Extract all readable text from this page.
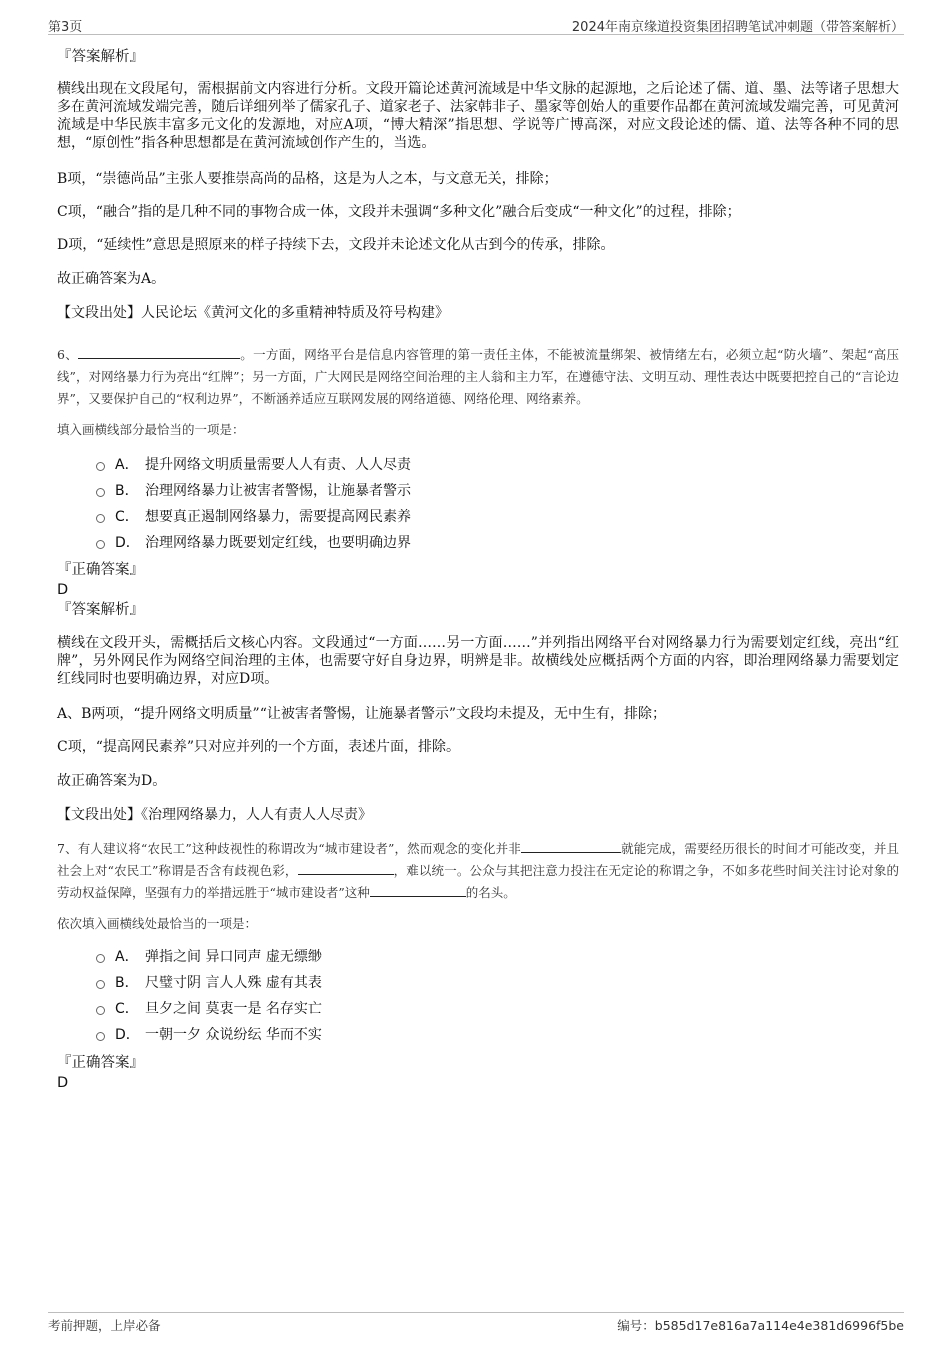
第3页	2024年南京缘道投资集团招聘笔试冲刺题（带答案解析）
『答案解析』

横线出现在文段尾句，需根据前文内容进行分析。文段开篇论述黄河流域是中华文脉的起源地，之后论述了儒、道、墨、法等诸子思想大多在黄河流域发端完善，随后详细列举了儒家孔子、道家老子、法家韩非子、墨家等创始人的重要作品都在黄河流域发端完善，可见黄河流域是中华民族丰富多元文化的发源地，对应A项，“博大精深”指思想、学说等广博高深，对应文段论述的儒、道、法等各种不同的思想，“原创性”指各种思想都是在黄河流域创作产生的，当选。

B项，“崇德尚品”主张人要推崇高尚的品格，这是为人之本，与文意无关，排除；

C项，“融合”指的是几种不同的事物合成一体，文段并未强调“多种文化”融合后变成“一种文化”的过程，排除；

D项，“延续性”意思是照原来的样子持续下去，文段并未论述文化从古到今的传承，排除。

故正确答案为A。

【文段出处】人民论坛《黄河文化的多重精神特质及符号构建》

6、	。一方面，网络平台是信息内容管理的第一责任主体，不能被流量绑架、被情绪左右，必须立起“防火墙”、架起“高压线”，对网络暴力行为亮出“红牌”；另一方面，广大网民是网络空间治理的主人翁和主力军，在遵德守法、文明互动、理性表达中既要把控自己的“言论边界”，又要保护自己的“权利边界”，不断涵养适应互联网发展的网络道德、网络伦理、网络素养。

填入画横线部分最恰当的一项是：

A． 提升网络文明质量需要人人有责、人人尽责
B． 治理网络暴力让被害者警惕，让施暴者警示
C． 想要真正遏制网络暴力，需要提高网民素养
D． 治理网络暴力既要划定红线，也要明确边界
『正确答案』
D
『答案解析』

横线在文段开头，需概括后文核心内容。文段通过“一方面……另一方面……”并列指出网络平台对网络暴力行为需要划定红线，亮出“红牌”，另外网民作为网络空间治理的主体，也需要守好自身边界，明辨是非。故横线处应概括两个方面的内容，即治理网络暴力需要划定红线同时也要明确边界，对应D项。

A、B两项，“提升网络文明质量”“让被害者警惕，让施暴者警示”文段均未提及，无中生有，排除；

C项，“提高网民素养”只对应并列的一个方面，表述片面，排除。

故正确答案为D。

【文段出处】《治理网络暴力，人人有责人人尽责》

7、有人建议将“农民工”这种歧视性的称谓改为“城市建设者”，然而观念的变化并非	就能完成，需要经历很长的时间才可能改变，并且社会上对“农民工”称谓是否含有歧视色彩，	，难以统一。公众与其把注意力投注在无定论的称谓之争，不如多花些时间关注讨论对象的劳动权益保障，坚强有力的举措远胜于“城市建设者”这种	的名头。

依次填入画横线处最恰当的一项是：

A． 弹指之间 异口同声 虚无缥缈
B． 尺璧寸阴 言人人殊 虚有其表
C． 旦夕之间 莫衷一是 名存实亡
D． 一朝一夕 众说纷纭 华而不实
『正确答案』
D
考前押题，上岸必备	编号：b585d17e816a7a114e4e381d6996f5be
